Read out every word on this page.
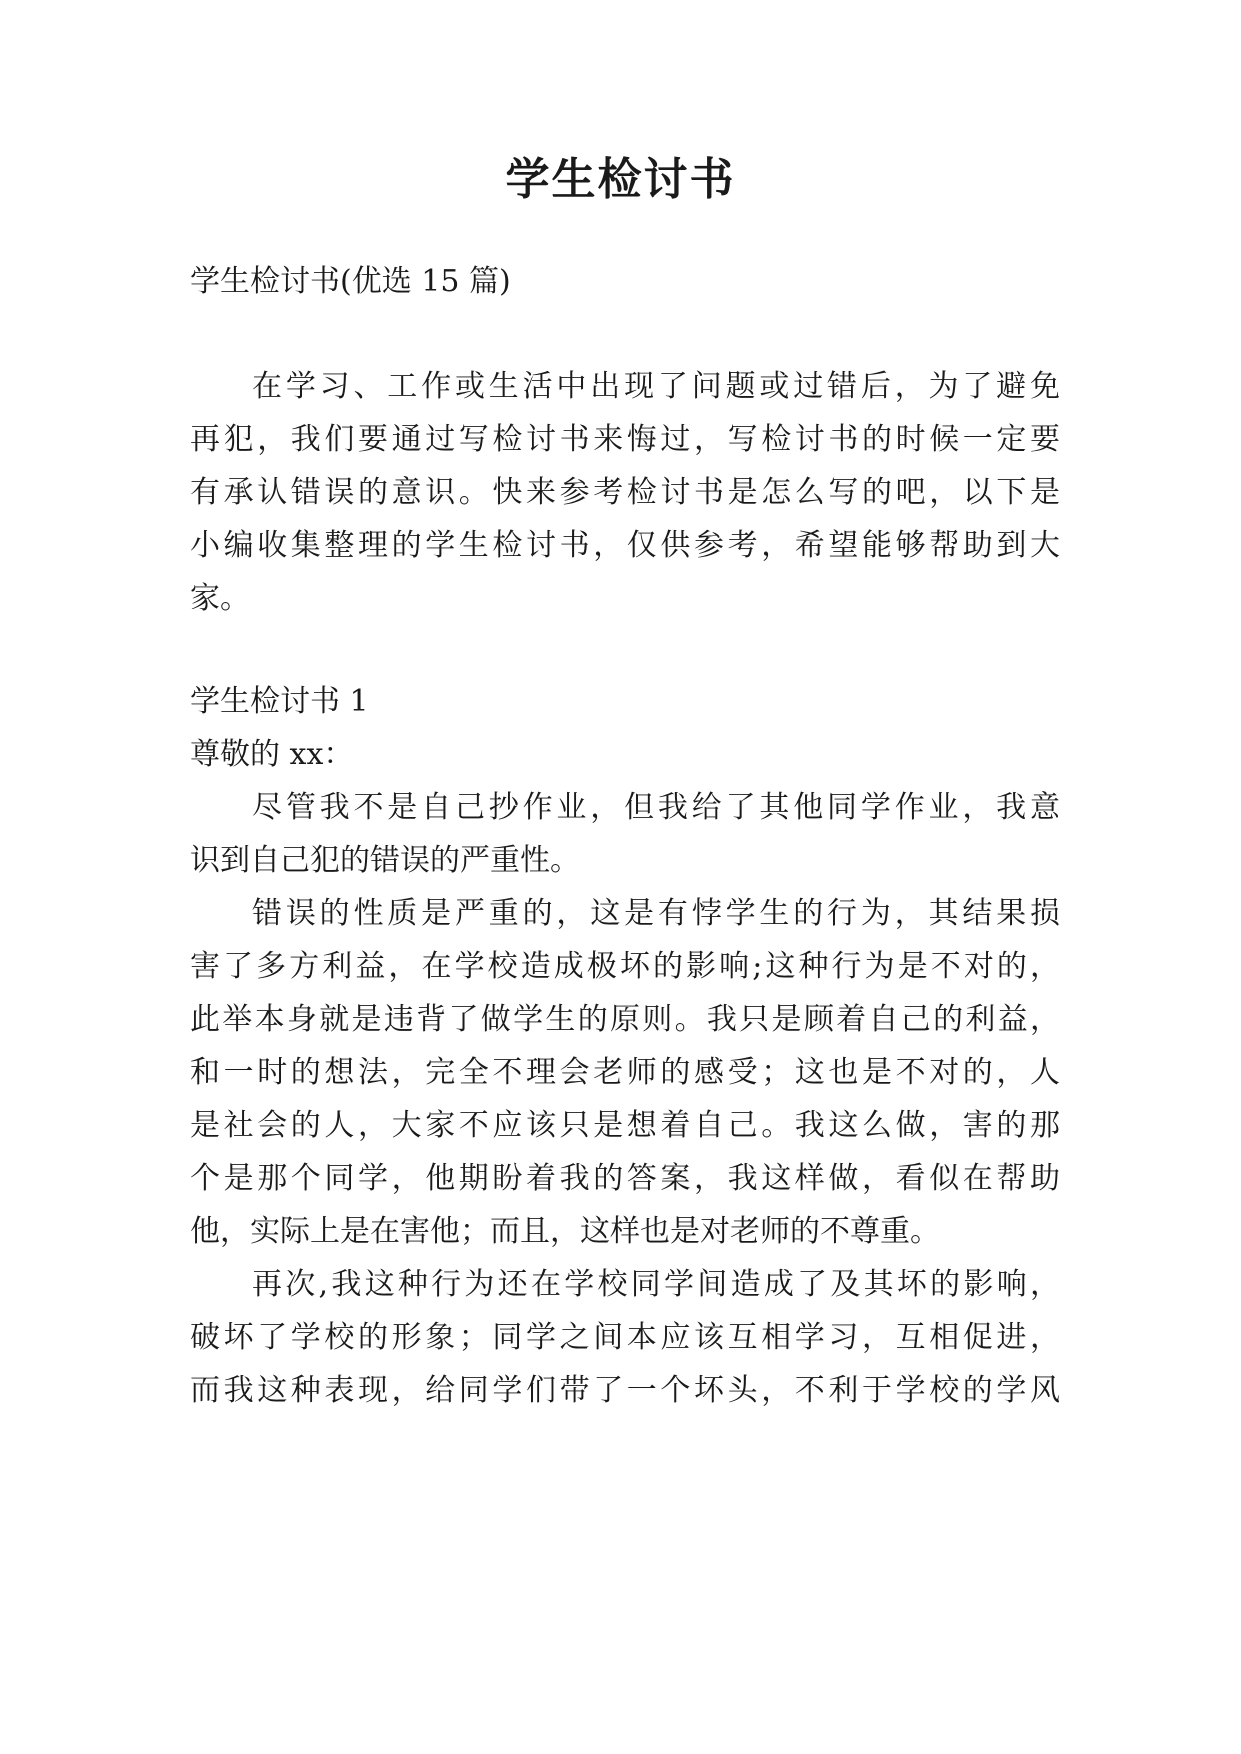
学生检讨书
学生检讨书(优选 15 篇)
在学习、工作或生活中出现了问题或过错后，为了避免
再犯，我们要通过写检讨书来悔过，写检讨书的时候一定要
有承认错误的意识。快来参考检讨书是怎么写的吧，以下是
小编收集整理的学生检讨书，仅供参考，希望能够帮助到大
家。
学生检讨书 1
尊敬的 xx：
尽管我不是自己抄作业，但我给了其他同学作业，我意
识到自己犯的错误的严重性。
错误的性质是严重的，这是有悖学生的行为，其结果损
害了多方利益，在学校造成极坏的影响;这种行为是不对的，
此举本身就是违背了做学生的原则。我只是顾着自己的利益，
和一时的想法，完全不理会老师的感受；这也是不对的，人
是社会的人，大家不应该只是想着自己。我这么做，害的那
个是那个同学，他期盼着我的答案，我这样做，看似在帮助
他，实际上是在害他；而且，这样也是对老师的不尊重。
再次,我这种行为还在学校同学间造成了及其坏的影响，
破坏了学校的形象；同学之间本应该互相学习，互相促进，
而我这种表现，给同学们带了一个坏头，不利于学校的学风
